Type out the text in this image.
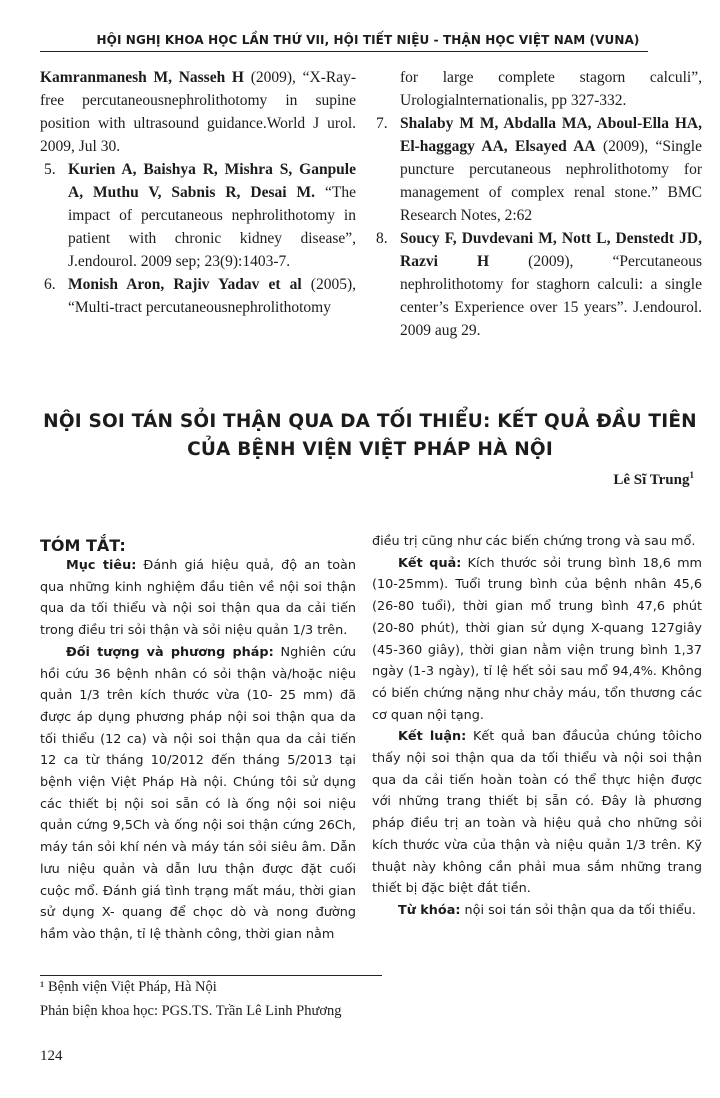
HỘI NGHỊ KHOA HỌC LẦN THỨ VII, HỘI TIẾT NIỆU - THẬN HỌC VIỆT NAM (VUNA)

Kamranmanesh M, Nasseh H (2009), “X-Ray-free percutaneousnephrolithotomy in supine position with ultrasound guidance.World J urol. 2009, Jul 30.

5. Kurien A, Baishya R, Mishra S, Ganpule A, Muthu V, Sabnis R, Desai M. “The impact of percutaneous nephrolithotomy in patient with chronic kidney disease”, J.endourol. 2009 sep; 23(9):1403-7.

6. Monish Aron, Rajiv Yadav et al (2005), “Multi-tract percutaneousnephrolithotomy

for large complete stagorn calculi”, Urologialnternationalis, pp 327-332.

7. Shalaby M M, Abdalla MA, Aboul-Ella HA, El-haggagy AA, Elsayed AA (2009), “Single puncture percutaneous nephrolithotomy for management of complex renal stone.” BMC Research Notes, 2:62

8. Soucy F, Duvdevani M, Nott L, Denstedt JD, Razvi H (2009), “Percutaneous nephrolithotomy for staghorn calculi: a single center’s Experience over 15 years”. J.endourol. 2009 aug 29.

NỘI SOI TÁN SỎI THẬN QUA DA TỐI THIỂU: KẾT QUẢ ĐẦU TIÊN
CỦA BỆNH VIỆN VIỆT PHÁP HÀ NỘI
Lê Sĩ Trung$^1$
TÓM TẮT:

Mục tiêu: Đánh giá hiệu quả, độ an toàn qua những kinh nghiệm đầu tiên về nội soi thận qua da tối thiểu và nội soi thận qua da cải tiến trong điều tri sỏi thận và sỏi niệu quản 1/3 trên.

Đối tượng và phương pháp: Nghiên cứu hồi cứu 36 bệnh nhân có sỏi thận và/hoặc niệu quản 1/3 trên kích thước vừa (10- 25 mm) đã được áp dụng phương pháp nội soi thận qua da tối thiểu (12 ca) và nội soi thận qua da cải tiến 12 ca từ tháng 10/2012 đến tháng 5/2013 tại bệnh viện Việt Pháp Hà nội. Chúng tôi sử dụng các thiết bị nội soi sẵn có là ống nội soi niệu quản cứng 9,5Ch và ống nội soi thận cứng 26Ch, máy tán sỏi khí nén và máy tán sỏi siêu âm. Dẫn lưu niệu quản và dẫn lưu thận được đặt cuối cuộc mổ. Đánh giá tình trạng mất máu, thời gian sử dụng X- quang để chọc dò và nong đường hầm vào thận, tỉ lệ thành công, thời gian nằm

điều trị cũng như các biến chứng trong và sau mổ.

Kết quả: Kích thước sỏi trung bình 18,6 mm (10-25mm). Tuổi trung bình của bệnh nhân 45,6 (26-80 tuổi), thời gian mổ trung bình 47,6 phút (20-80 phút), thời gian sử dụng X-quang 127giây (45-360 giây), thời gian nằm viện trung bình 1,37 ngày (1-3 ngày), tỉ lệ hết sỏi sau mổ 94,4%. Không có biến chứng nặng như chảy máu, tổn thương các cơ quan nội tạng.

Kết luận: Kết quả ban đầucủa chúng tôicho thấy nội soi thận qua da tối thiểu và nội soi thận qua da cải tiến hoàn toàn có thể thực hiện được với những trang thiết bị sẵn có. Đây là phương pháp điều trị an toàn và hiệu quả cho những sỏi kích thước vừa của thận và niệu quản 1/3 trên. Kỹ thuật này không cần phải mua sắm những trang thiết bị đặc biệt đắt tiền.

Từ khóa: nội soi tán sỏi thận qua da tối thiểu.

¹ Bệnh viện Việt Pháp, Hà Nội
Phản biện khoa học: PGS.TS. Trần Lê Linh Phương
124
